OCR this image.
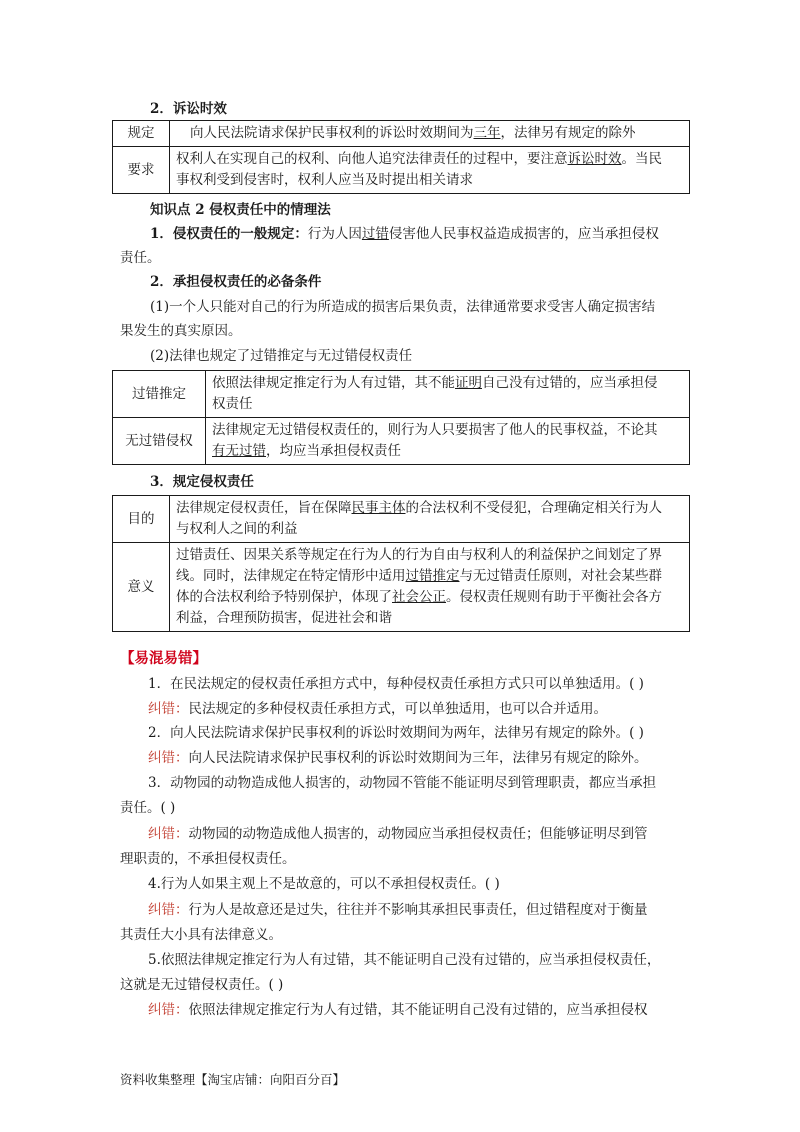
2．诉讼时效
规定	向人民法院请求保护民事权利的诉讼时效期间为三年，法律另有规定的除外
要求	权利人在实现自己的权利、向他人追究法律责任的过程中，要注意诉讼时效。当民
事权利受到侵害时，权利人应当及时提出相关请求
知识点 2 侵权责任中的情理法
1．侵权责任的一般规定：行为人因过错侵害他人民事权益造成损害的，应当承担侵权
责任。
2．承担侵权责任的必备条件
(1)一个人只能对自己的行为所造成的损害后果负责，法律通常要求受害人确定损害结
果发生的真实原因。
(2)法律也规定了过错推定与无过错侵权责任
过错推定	依照法律规定推定行为人有过错，其不能证明自己没有过错的，应当承担侵
权责任
无过错侵权	法律规定无过错侵权责任的，则行为人只要损害了他人的民事权益，不论其
有无过错，均应当承担侵权责任
3．规定侵权责任
目的	法律规定侵权责任，旨在保障民事主体的合法权利不受侵犯，合理确定相关行为人
与权利人之间的利益
意义	过错责任、因果关系等规定在行为人的行为自由与权利人的利益保护之间划定了界
线。同时，法律规定在特定情形中适用过错推定与无过错责任原则，对社会某些群
体的合法权利给予特别保护，体现了社会公正。侵权责任规则有助于平衡社会各方
利益，合理预防损害，促进社会和谐
【易混易错】
1．在民法规定的侵权责任承担方式中，每种侵权责任承担方式只可以单独适用。( )
纠错：民法规定的多种侵权责任承担方式，可以单独适用，也可以合并适用。
2．向人民法院请求保护民事权利的诉讼时效期间为两年，法律另有规定的除外。( )
纠错：向人民法院请求保护民事权利的诉讼时效期间为三年，法律另有规定的除外。
3．动物园的动物造成他人损害的，动物园不管能不能证明尽到管理职责，都应当承担
责任。( )
纠错：动物园的动物造成他人损害的，动物园应当承担侵权责任；但能够证明尽到管
理职责的，不承担侵权责任。
4.行为人如果主观上不是故意的，可以不承担侵权责任。( )
纠错：行为人是故意还是过失，往往并不影响其承担民事责任，但过错程度对于衡量
其责任大小具有法律意义。
5.依照法律规定推定行为人有过错，其不能证明自己没有过错的，应当承担侵权责任，
这就是无过错侵权责任。( )
纠错：依照法律规定推定行为人有过错，其不能证明自己没有过错的，应当承担侵权
资料收集整理【淘宝店铺：向阳百分百】
